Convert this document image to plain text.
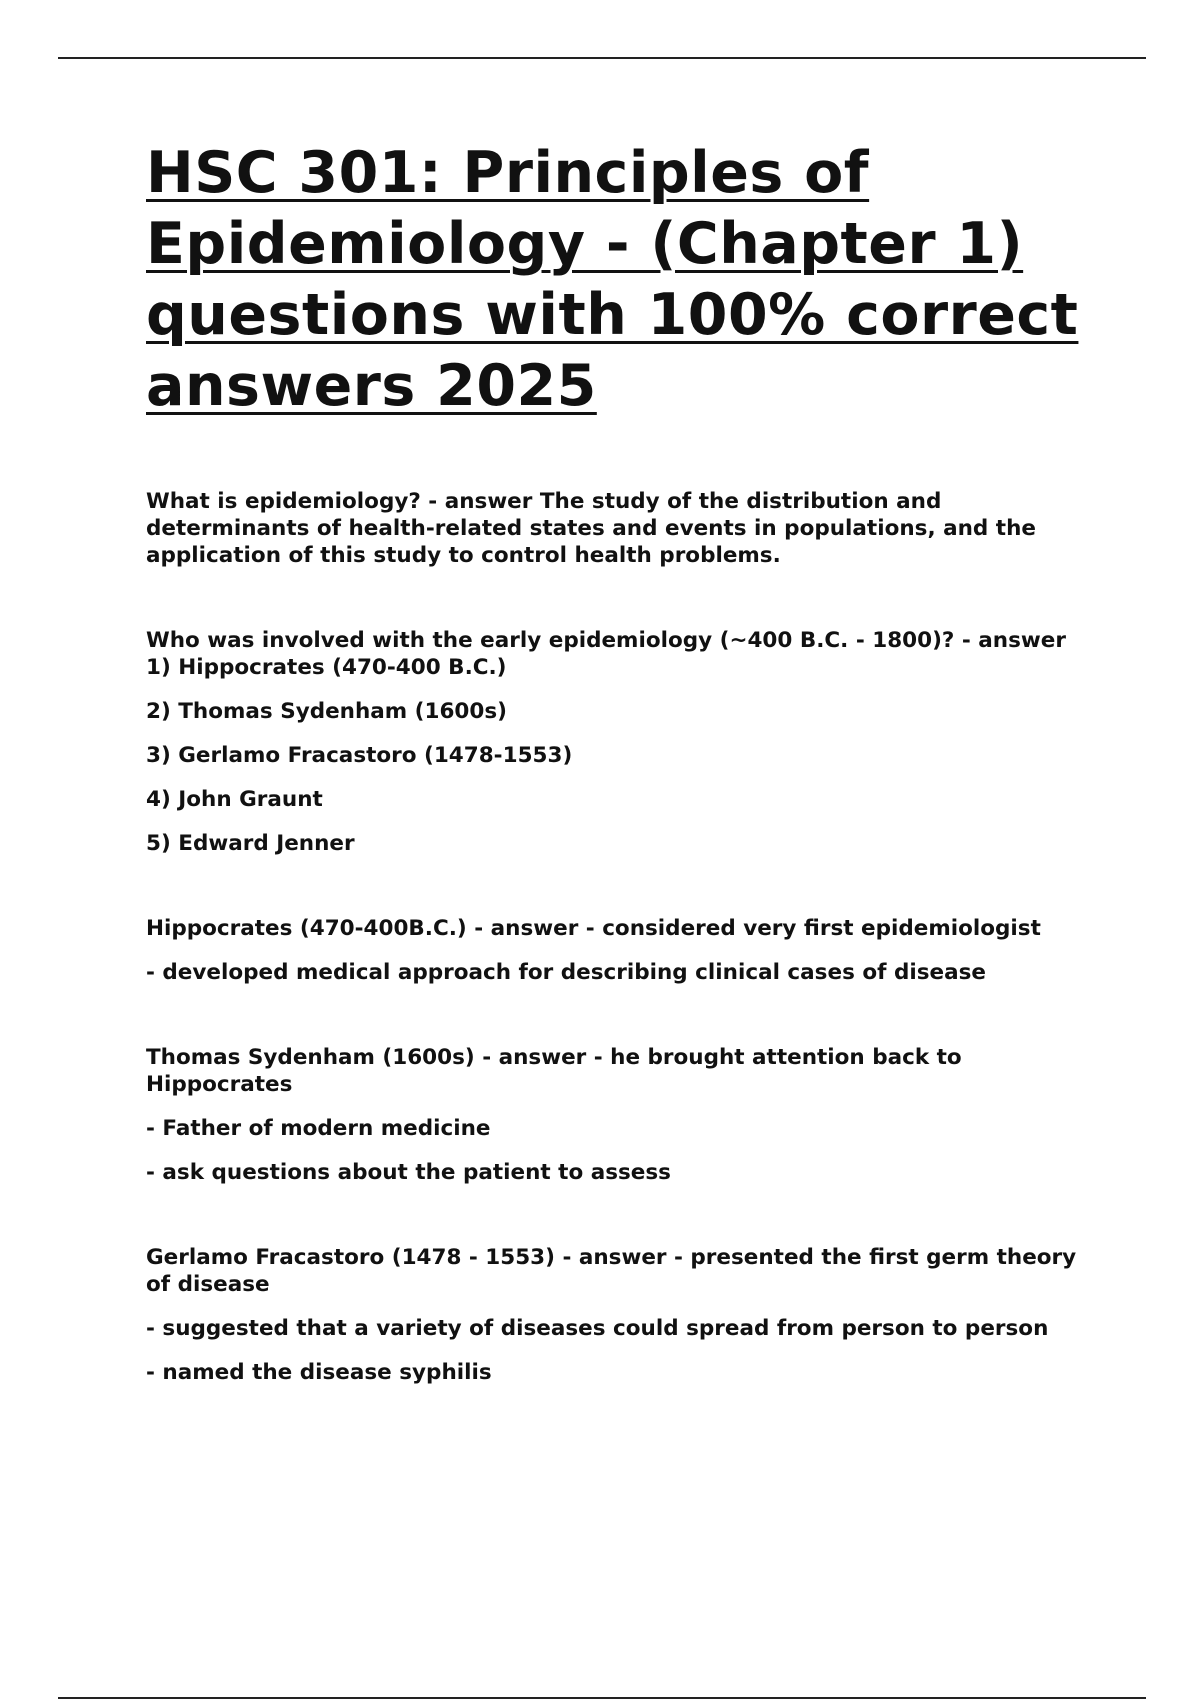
HSC 301: Principles of Epidemiology - (Chapter 1) questions with 100% correct answers 2025

What is epidemiology? - answer The study of the distribution and determinants of health-related states and events in populations, and the application of this study to control health problems.

Who was involved with the early epidemiology (~400 B.C. - 1800)? - answer 1) Hippocrates (470-400 B.C.)

2) Thomas Sydenham (1600s)

3) Gerlamo Fracastoro (1478-1553)

4) John Graunt

5) Edward Jenner

Hippocrates (470-400B.C.) - answer - considered very first epidemiologist

- developed medical approach for describing clinical cases of disease

Thomas Sydenham (1600s) - answer - he brought attention back to Hippocrates

- Father of modern medicine

- ask questions about the patient to assess

Gerlamo Fracastoro (1478 - 1553) - answer - presented the first germ theory of disease

- suggested that a variety of diseases could spread from person to person

- named the disease syphilis
